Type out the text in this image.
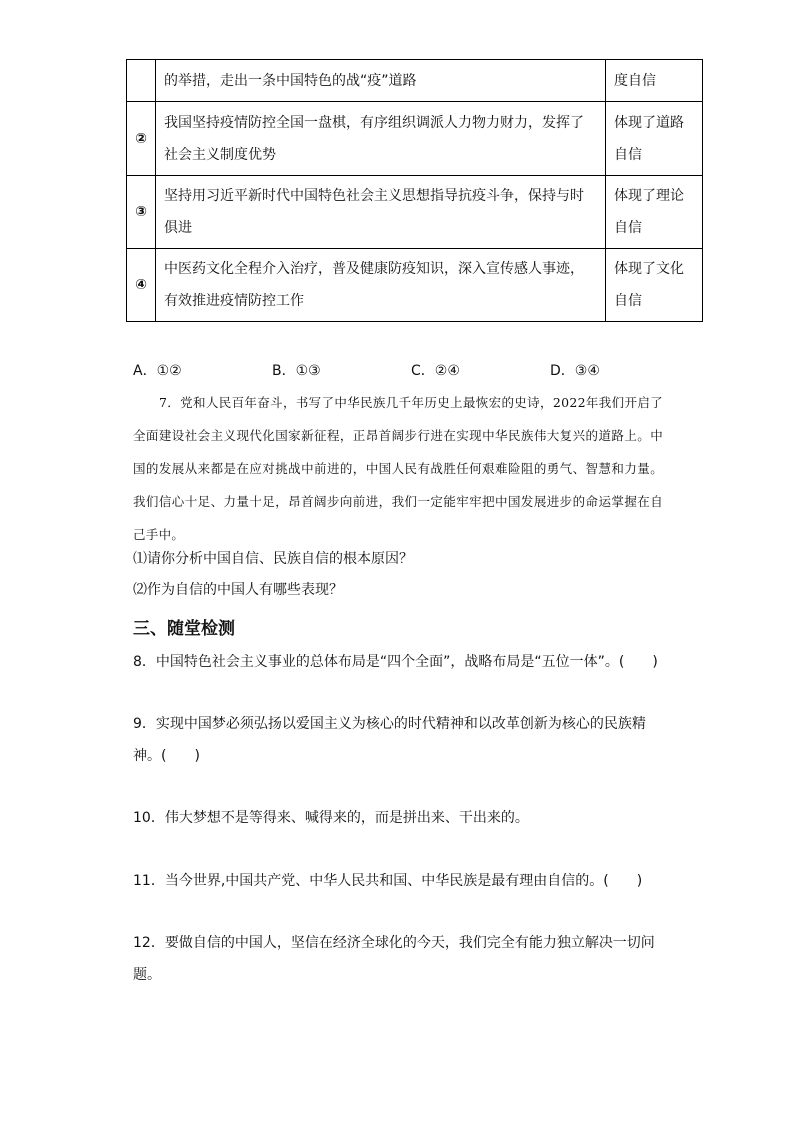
	的举措，走出一条中国特色的战“疫”道路	度自信
②	我国坚持疫情防控全国一盘棋，有序组织调派人力物力财力，发挥了社会主义制度优势	体现了道路自信
③	坚持用习近平新时代中国特色社会主义思想指导抗疫斗争，保持与时俱进	体现了理论自信
④	中医药文化全程介入治疗，普及健康防疫知识，深入宣传感人事迹，有效推进疫情防控工作	体现了文化自信
A．①②	B．①③	C．②④	D．③④
7．党和人民百年奋斗，书写了中华民族几千年历史上最恢宏的史诗，2022年我们开启了全面建设社会主义现代化国家新征程，正昂首阔步行进在实现中华民族伟大复兴的道路上。中国的发展从来都是在应对挑战中前进的，中国人民有战胜任何艰难险阻的勇气、智慧和力量。我们信心十足、力量十足，昂首阔步向前进，我们一定能牢牢把中国发展进步的命运掌握在自己手中。
⑴请你分析中国自信、民族自信的根本原因？
⑵作为自信的中国人有哪些表现？
三、随堂检测
8．中国特色社会主义事业的总体布局是“四个全面”，战略布局是“五位一体”。(　　)
9．实现中国梦必须弘扬以爱国主义为核心的时代精神和以改革创新为核心的民族精神。(　　)
10．伟大梦想不是等得来、喊得来的，而是拼出来、干出来的。
11．当今世界,中国共产党、中华人民共和国、中华民族是最有理由自信的。(　　)
12．要做自信的中国人，坚信在经济全球化的今天，我们完全有能力独立解决一切问题。
